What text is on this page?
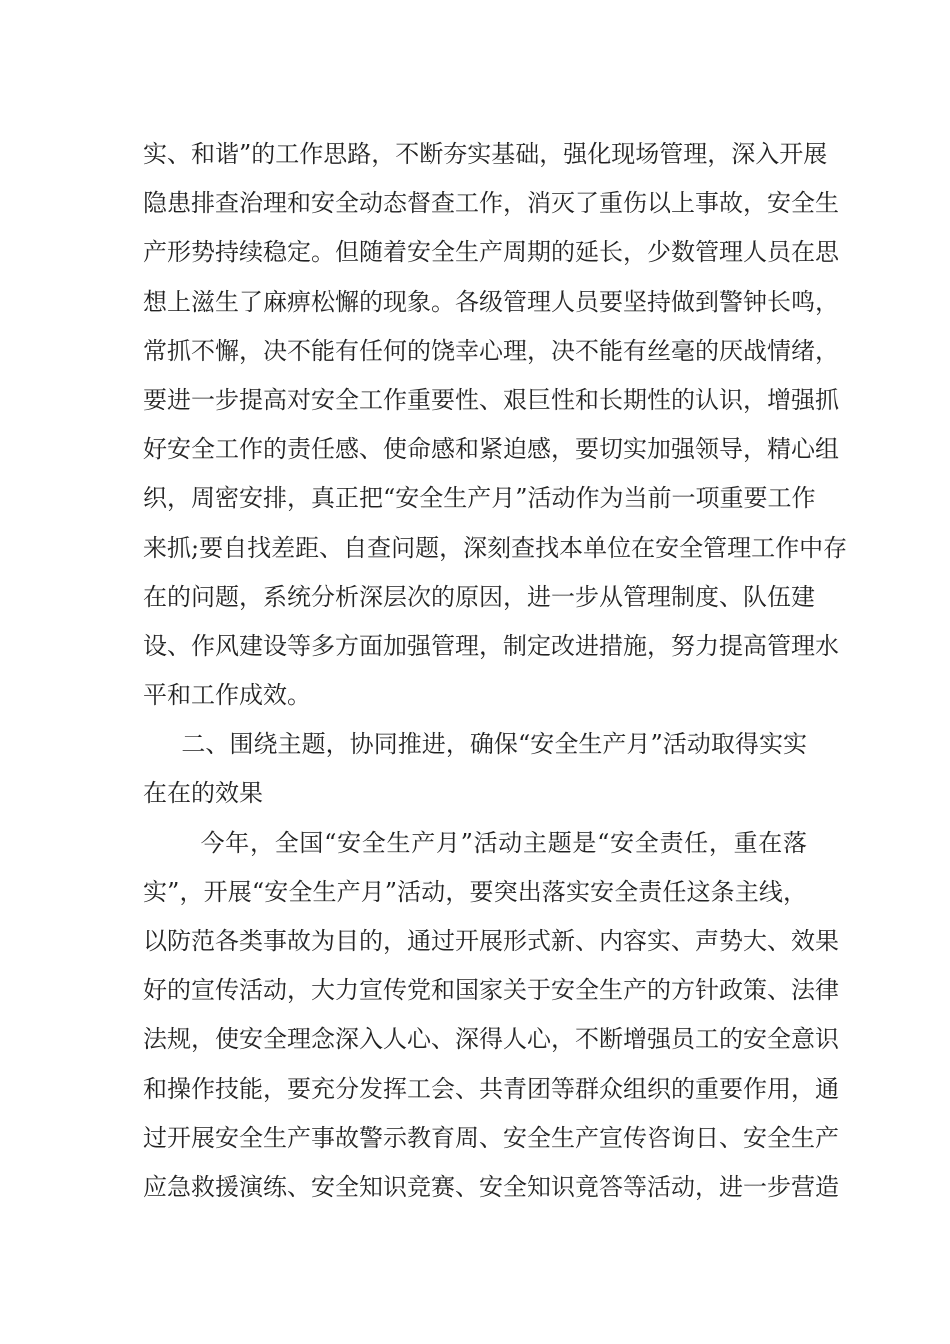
实、和谐”的工作思路，不断夯实基础，强化现场管理，深入开展
隐患排查治理和安全动态督查工作，消灭了重伤以上事故，安全生
产形势持续稳定。但随着安全生产周期的延长，少数管理人员在思
想上滋生了麻痹松懈的现象。各级管理人员要坚持做到警钟长鸣，
常抓不懈，决不能有任何的饶幸心理，决不能有丝毫的厌战情绪，
要进一步提高对安全工作重要性、艰巨性和长期性的认识，增强抓
好安全工作的责任感、使命感和紧迫感，要切实加强领导，精心组
织，周密安排，真正把“安全生产月”活动作为当前一项重要工作
来抓;要自找差距、自查问题，深刻查找本单位在安全管理工作中存
在的问题，系统分析深层次的原因，进一步从管理制度、队伍建
设、作风建设等多方面加强管理，制定改进措施，努力提高管理水
平和工作成效。
二、围绕主题，协同推进，确保“安全生产月”活动取得实实
在在的效果
今年，全国“安全生产月”活动主题是“安全责任，重在落
实”，开展“安全生产月”活动，要突出落实安全责任这条主线，
以防范各类事故为目的，通过开展形式新、内容实、声势大、效果
好的宣传活动，大力宣传党和国家关于安全生产的方针政策、法律
法规，使安全理念深入人心、深得人心，不断增强员工的安全意识
和操作技能，要充分发挥工会、共青团等群众组织的重要作用，通
过开展安全生产事故警示教育周、安全生产宣传咨询日、安全生产
应急救援演练、安全知识竞赛、安全知识竟答等活动，进一步营造
